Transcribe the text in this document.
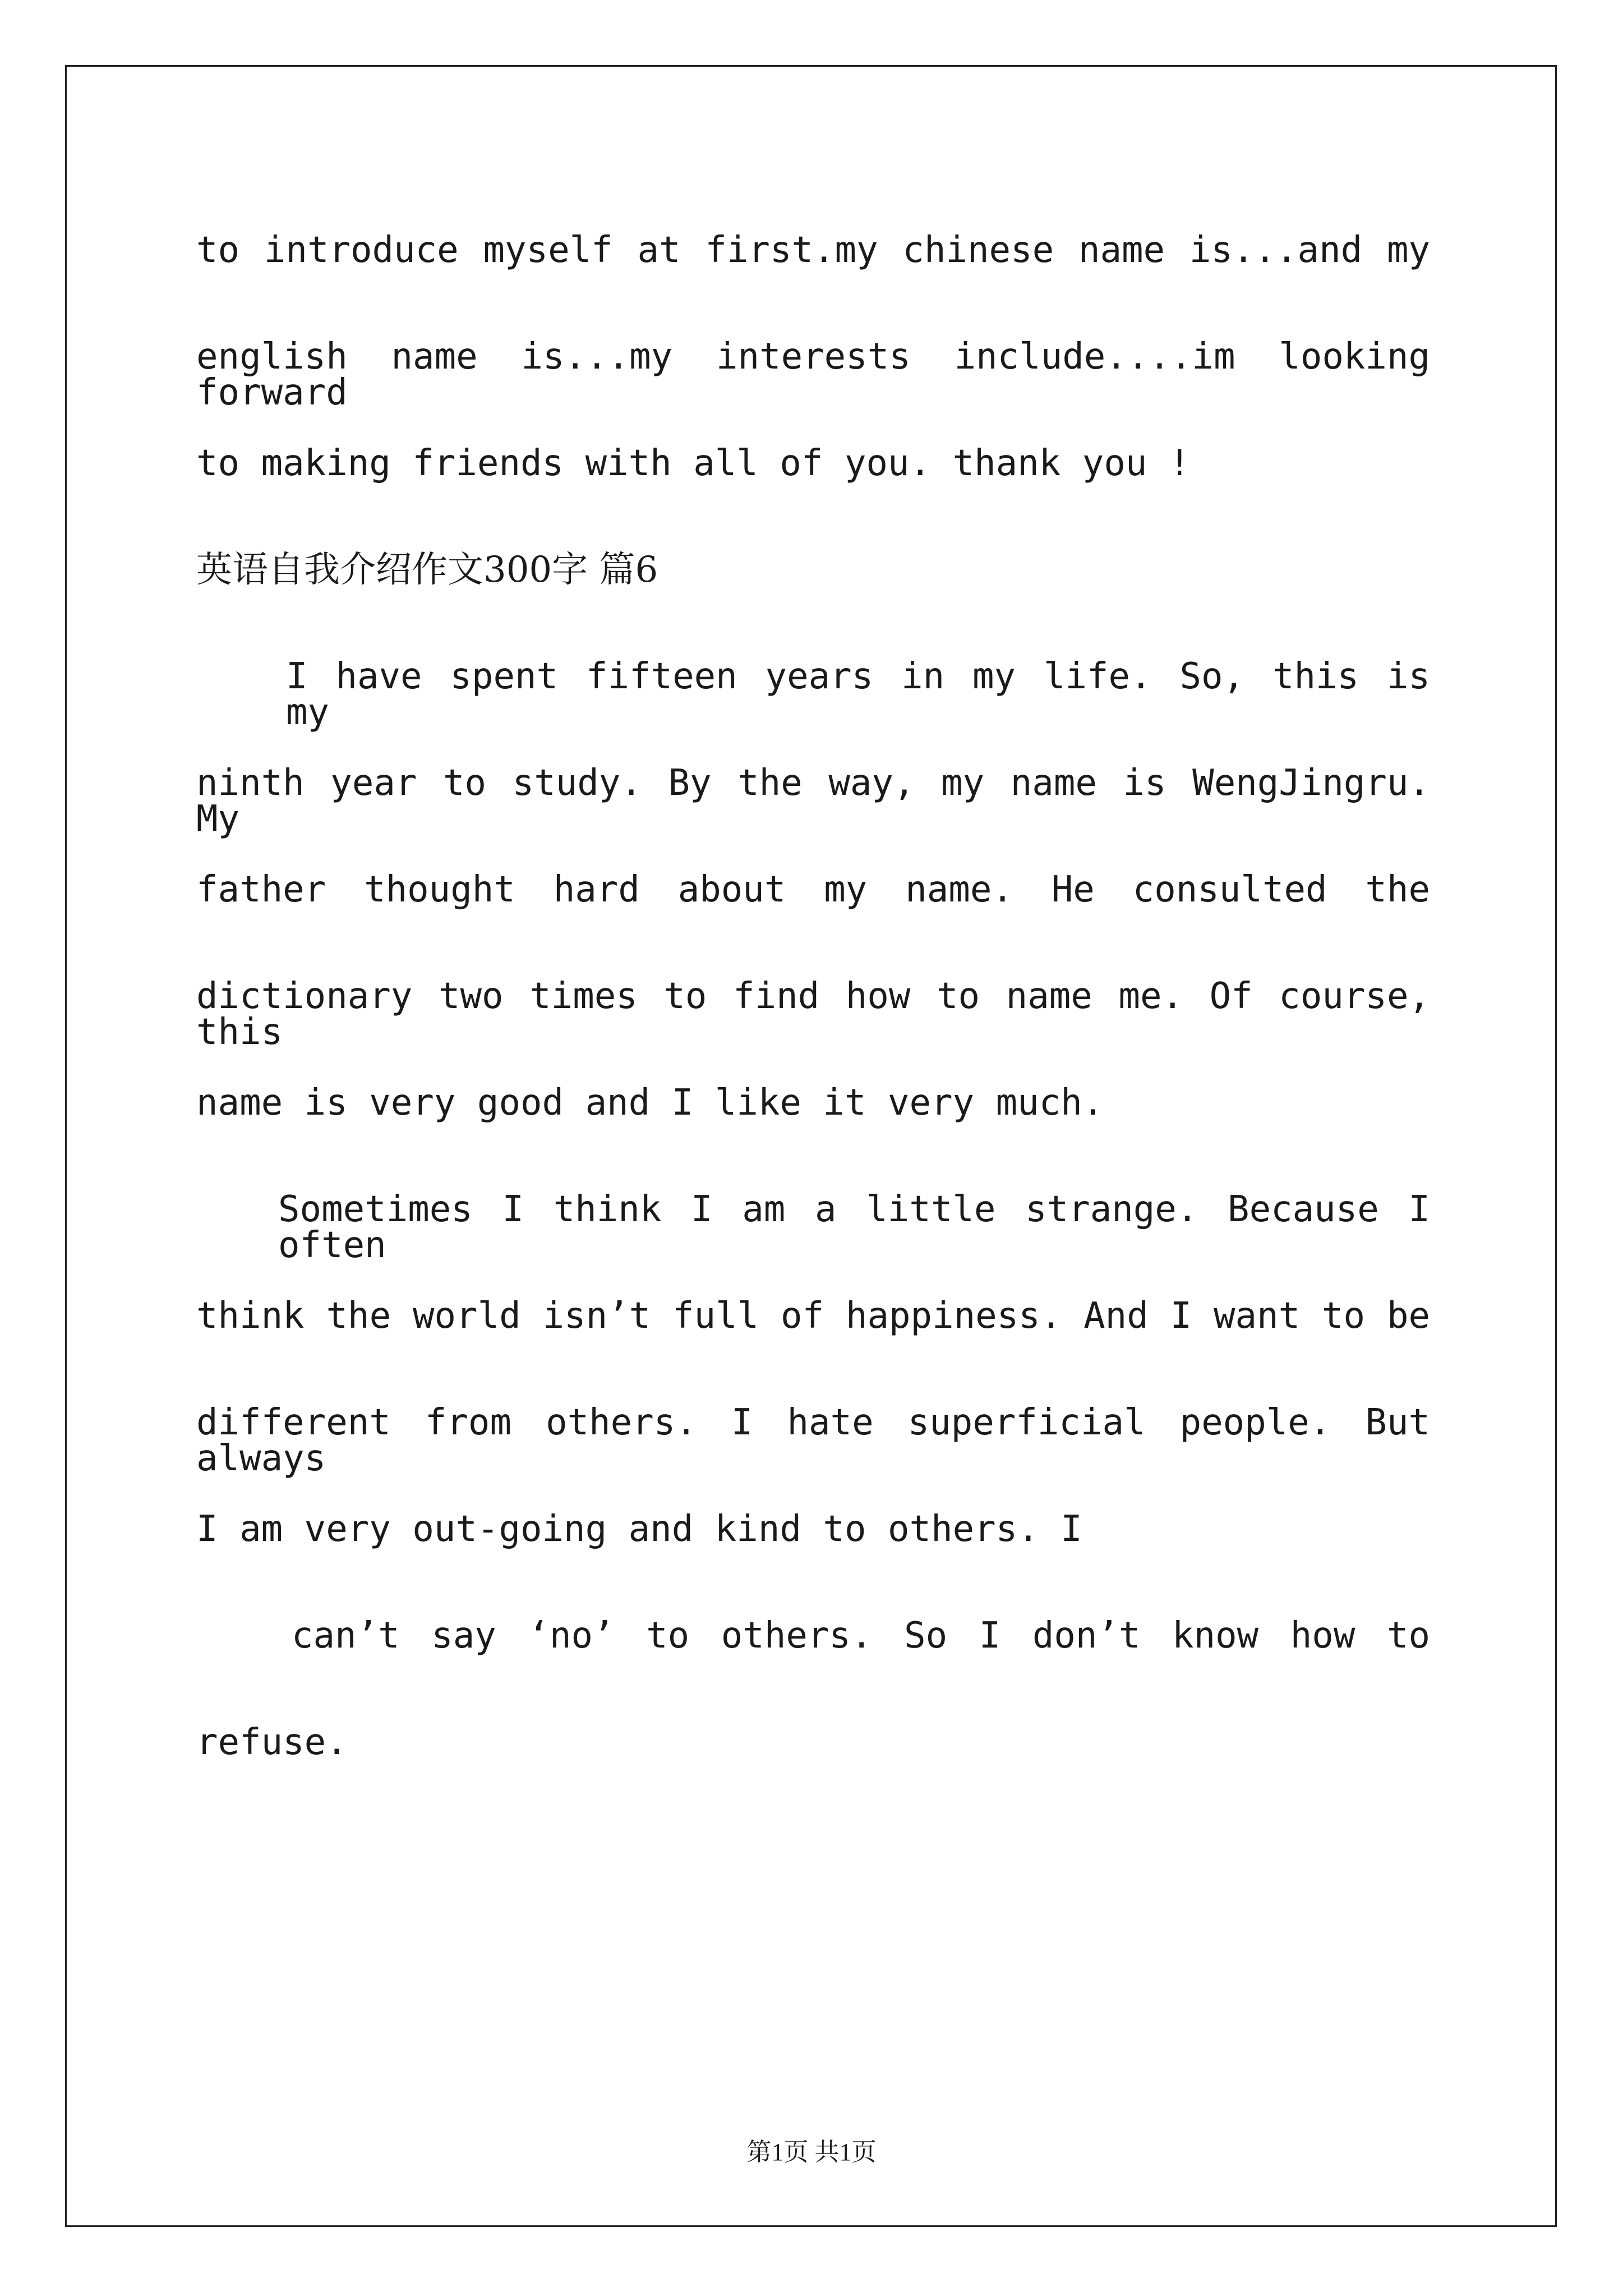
to introduce myself at first.my chinese name is...and my
english name is...my interests include....im looking forward
to making friends with all of you. thank you !
英语自我介绍作文300字 篇6
I have spent fifteen years in my life. So, this is my
ninth year to study. By the way, my name is WengJingru. My
father thought hard about my name. He consulted the
dictionary two times to find how to name me. Of course, this
name is very good and I like it very much.
Sometimes I think I am a little strange. Because I often
think the world isn’t full of happiness. And I want to be
different from others. I hate superficial people. But always
I am very out-going and kind to others. I
can’t say ‘no’ to others. So I don’t know how to
refuse.
第1页 共1页
